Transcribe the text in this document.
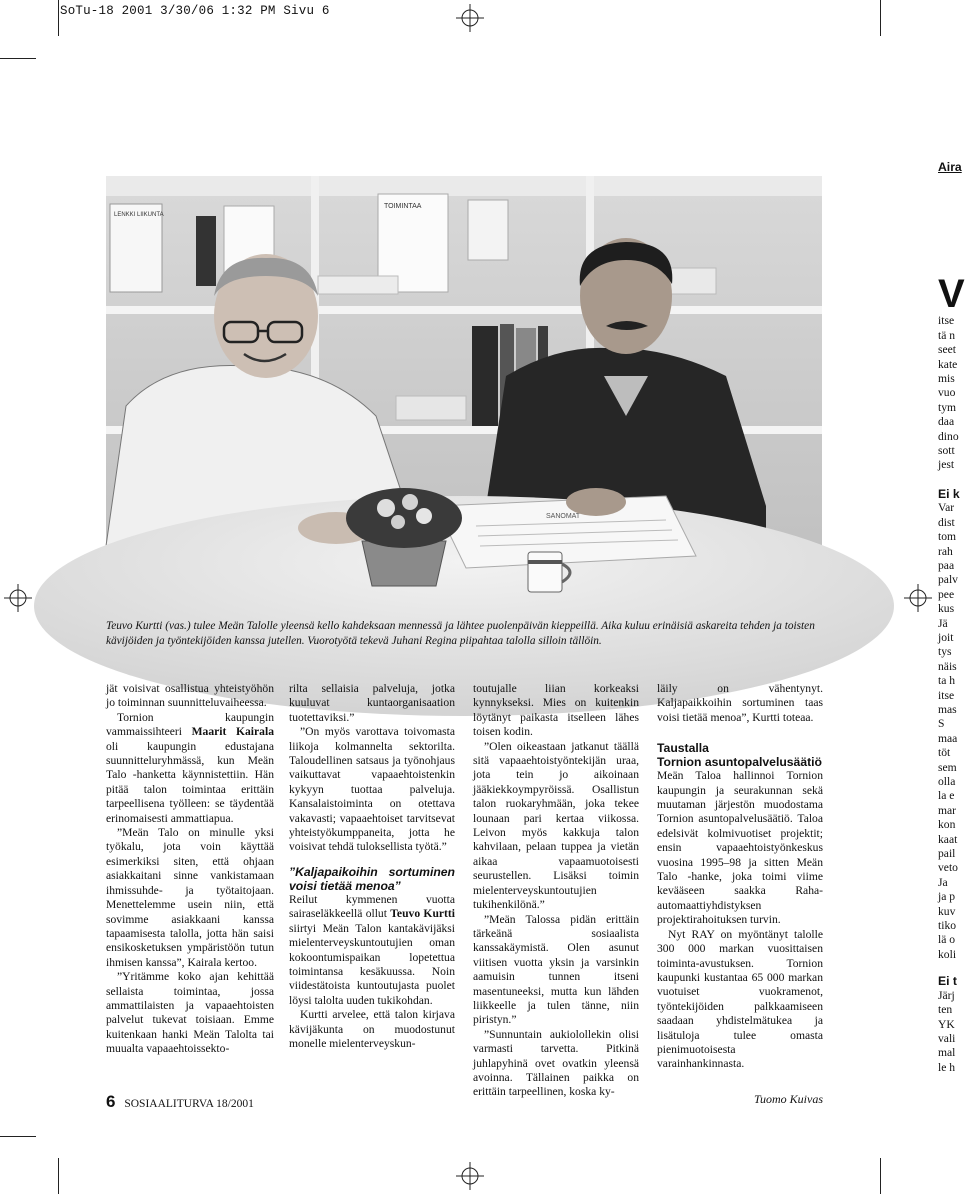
SoTu-18 2001 3/30/06 1:32 PM Sivu 6
LENKKI LIIKUNTA
TOIMINTAA
SANOMAT
Teuvo Kurtti (vas.) tulee Meän Talolle yleensä kello kahdeksaan mennessä ja lähtee puolenpäivän kieppeillä. Aika kuluu erinäisiä askareita tehden ja toisten kävijöiden ja työntekijöiden kanssa jutellen. Vuorotyötä tekevä Juhani Regina piipahtaa talolla silloin tällöin.

jät voisivat osallistua yhteistyöhön jo toiminnan suunnitteluvaiheessa.

Tornion kaupungin vammaissihteeri Maarit Kairala oli kaupungin edustajana suunnitteluryhmässä, kun Meän Talo -hanketta käynnistettiin. Hän pitää talon toimintaa erittäin tarpeellisena työlleen: se täydentää erinomaisesti ammattiapua.

”Meän Talo on minulle yksi työkalu, jota voin käyttää esimerkiksi siten, että ohjaan asiakkaitani sinne vankistamaan ihmissuhde- ja työtaitojaan. Menettelemme usein niin, että sovimme asiakkaani kanssa tapaamisesta talolla, jotta hän saisi ensikosketuksen ympäristöön tutun ihmisen kanssa”, Kairala kertoo.

”Yritämme koko ajan kehittää sellaista toimintaa, jossa ammattilaisten ja vapaaehtoisten palvelut tukevat toisiaan. Emme kuitenkaan hanki Meän Talolta tai muualta vapaaehtoissekto-

rilta sellaisia palveluja, jotka kuuluvat kuntaorganisaation tuotettaviksi.”

”On myös varottava toivomasta liikoja kolmannelta sektorilta. Taloudellinen satsaus ja työnohjaus vaikuttavat vapaaehtoistenkin kykyyn tuottaa palveluja. Kansalaistoiminta on otettava vakavasti; vapaaehtoiset tarvitsevat yhteistyökumppaneita, jotta he voisivat tehdä tuloksellista työtä.”

”Kaljapaikoihin sortuminen voisi tietää menoa”

Reilut kymmenen vuotta sairaseläkkeellä ollut Teuvo Kurtti siirtyi Meän Talon kantakävijäksi mielenterveyskuntoutujien oman kokoontumispaikan lopetettua toimintansa kesäkuussa. Noin viidestätoista kuntoutujasta puolet löysi talolta uuden tukikohdan.

Kurtti arvelee, että talon kirjava kävijäkunta on muodostunut monelle mielenterveyskun-

toutujalle liian korkeaksi kynnykseksi. Mies on kuitenkin löytänyt paikasta itselleen lähes toisen kodin.

”Olen oikeastaan jatkanut täällä sitä vapaaehtoistyöntekijän uraa, jota tein jo aikoinaan jääkiekkoympyröissä. Osallistun talon ruokaryhmään, joka tekee lounaan pari kertaa viikossa. Leivon myös kakkuja talon kahvilaan, pelaan tuppea ja vietän aikaa vapaamuotoisesti seurustellen. Lisäksi toimin mielenterveyskuntoutujien tukihenkilönä.”

”Meän Talossa pidän erittäin tärkeänä sosiaalista kanssakäymistä. Olen asunut viitisen vuotta yksin ja varsinkin aamuisin tunnen itseni masentuneeksi, mutta kun lähden liikkeelle ja tulen tänne, niin piristyn.”

”Sunnuntain aukiolollekin olisi varmasti tarvetta. Pitkinä juhlapyhinä ovet ovatkin yleensä avoinna. Tällainen paikka on erittäin tarpeellinen, koska ky-

läily on vähentynyt. Kaljapaikkoihin sortuminen taas voisi tietää menoa”, Kurtti toteaa.

Taustalla
Tornion asuntopalvelusäätiö

Meän Taloa hallinnoi Tornion kaupungin ja seurakunnan sekä muutaman järjestön muodostama Tornion asuntopalvelusäätiö. Taloa edelsivät kolmivuotiset projektit; ensin vapaaehtoistyönkeskus vuosina 1995–98 ja sitten Meän Talo -hanke, joka toimi viime kevääseen saakka Raha-automaattiyhdistyksen projektirahoituksen turvin.

Nyt RAY on myöntänyt talolle 300 000 markan vuosittaisen toiminta-avustuksen. Tornion kaupunki kustantaa 65 000 markan vuotuiset vuokramenot, työntekijöiden palkkaamiseen saadaan yhdistelmätukea ja lisätuloja tulee omasta pienimuotoisesta varainhankinnasta.

Tuomo Kuivas
6 SOSIAALITURVA 18/2001
Aira
V
itse
tä n
seet
kate
mis
vuo
tym
daa
dino
sott
jest
Ei k
Var
dist
tom
rah
paa
palv
pee
kus
Jä
joit
tys
näis
ta h
itse
mas
S
maa
töt
sem
olla
la e
mar
kon
kaat
pail
veto
Ja
ja p
kuv
tiko
lä o
koli
Ei t
Järj
ten
YK
vali
mal
le h
